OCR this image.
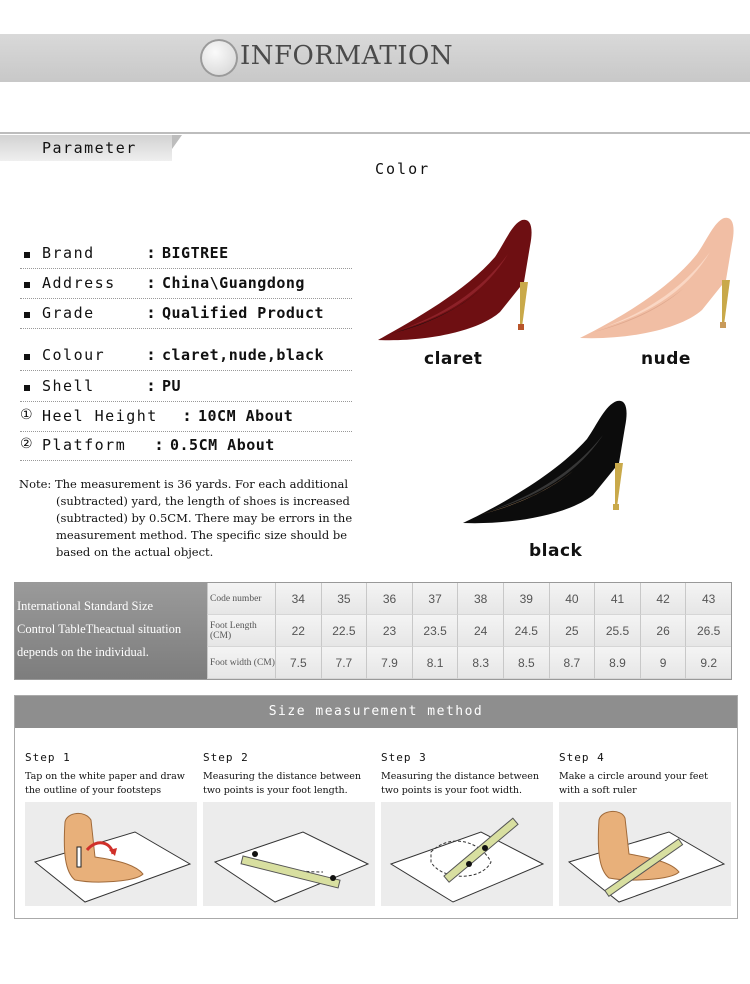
INFORMATION
Parameter
Color
Brand	: BIGTREE
Address : China\Guangdong
Grade	: Qualified Product
Colour	: claret,nude,black
Shell	: PU
① Heel Height : 10CM About
② Platform : 0.5CM About
Note: The measurement is 36 yards. For each additional
(subtracted) yard, the length of shoes is increased
(subtracted) by 0.5CM. There may be errors in the
measurement method. The specific size should be
based on the actual object.
claret	nude
black
International Standard Size
Control TableTheactual situation
depends on the individual.
Code number	34	35	36	37	38	39	40	41	42	43
Foot Length (CM)	22	22.5	23	23.5	24	24.5	25	25.5	26	26.5
Foot width (CM)	7.5	7.7	7.9	8.1	8.3	8.5	8.7	8.9	9	9.2
Size measurement method
Step 1
Tap on the white paper and draw the outline of your footsteps
Step 2
Measuring the distance between two points is your foot length.
Step 3
Measuring the distance between two points is your foot width.
Step 4
Make a circle around your feet with a soft ruler
